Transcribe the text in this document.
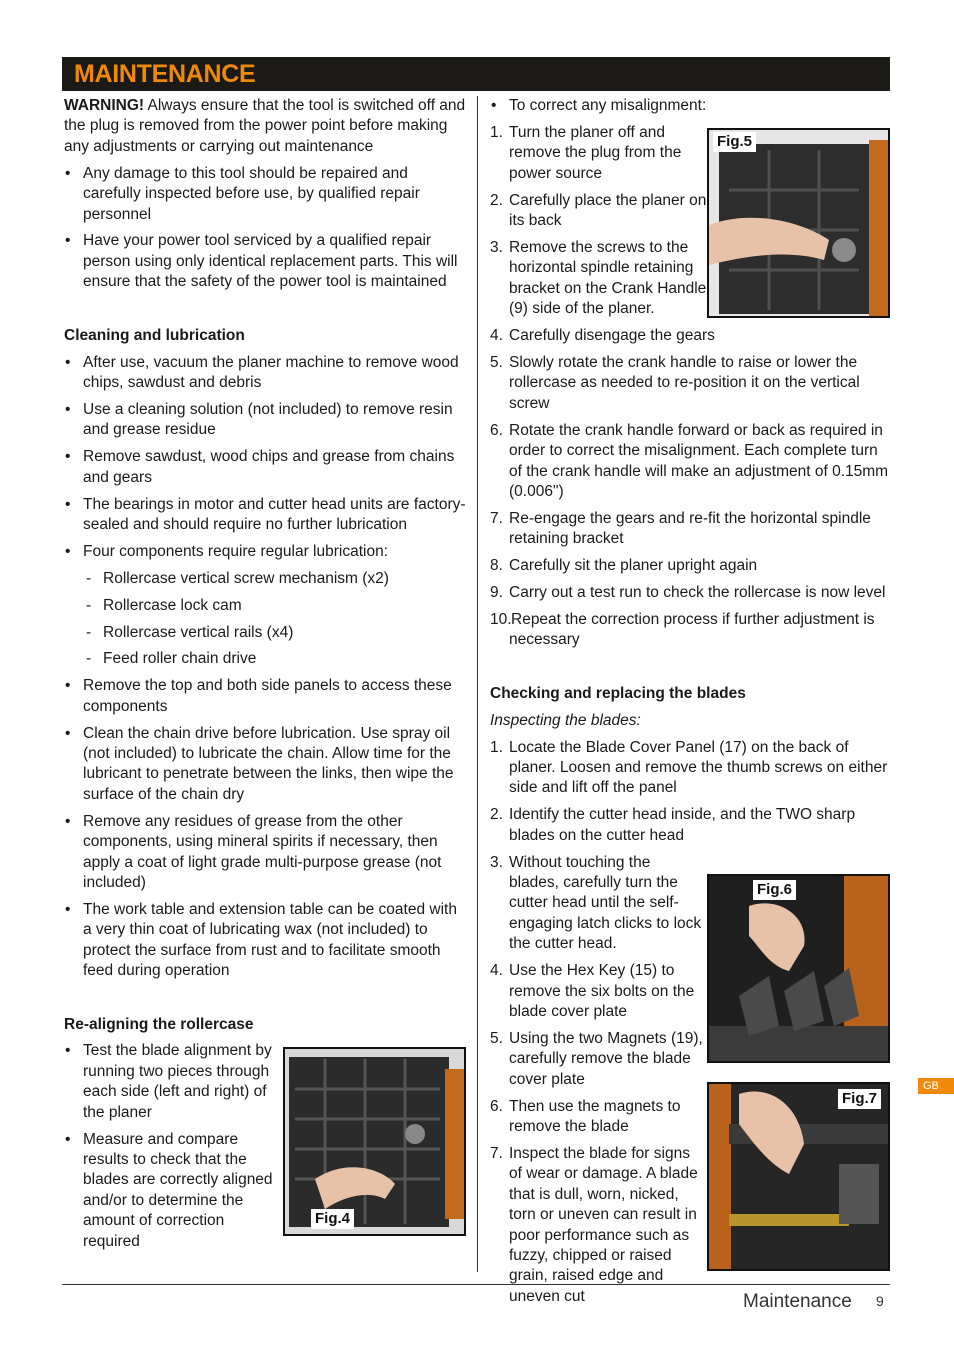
MAINTENANCE

WARNING! Always ensure that the tool is switched off and the plug is removed from the power point before making any adjustments or carrying out maintenance

• Any damage to this tool should be repaired and carefully inspected before use, by qualified repair personnel
• Have your power tool serviced by a qualified repair person using only identical replacement parts. This will ensure that the safety of the power tool is maintained

Cleaning and lubrication

• After use, vacuum the planer machine to remove wood chips, sawdust and debris
• Use a cleaning solution (not included) to remove resin and grease residue
• Remove sawdust, wood chips and grease from chains and gears
• The bearings in motor and cutter head units are factory-sealed and should require no further lubrication
• Four components require regular lubrication:
- Rollercase vertical screw mechanism (x2)
- Rollercase lock cam
- Rollercase vertical rails (x4)
- Feed roller chain drive
• Remove the top and both side panels to access these components
• Clean the chain drive before lubrication. Use spray oil (not included) to lubricate the chain. Allow time for the lubricant to penetrate between the links, then wipe the surface of the chain dry
• Remove any residues of grease from the other components, using mineral spirits if necessary, then apply a coat of light grade multi-purpose grease (not included)
• The work table and extension table can be coated with a very thin coat of lubricating wax (not included) to protect the surface from rust and to facilitate smooth feed during operation

Re-aligning the rollercase

• Test the blade alignment by running two pieces through each side (left and right) of the planer
• Measure and compare results to check that the blades are correctly aligned and/or to determine the amount of correction required
Fig.4
• To correct any misalignment:
1. Turn the planer off and remove the plug from the power source
2. Carefully place the planer on its back
3. Remove the screws to the horizontal spindle retaining bracket on the Crank Handle (9) side of the planer.
4. Carefully disengage the gears
5. Slowly rotate the crank handle to raise or lower the rollercase as needed to re-position it on the vertical screw
6. Rotate the crank handle forward or back as required in order to correct the misalignment. Each complete turn of the crank handle will make an adjustment of 0.15mm (0.006")
7. Re-engage the gears and re-fit the horizontal spindle retaining bracket
8. Carefully sit the planer upright again
9. Carry out a test run to check the rollercase is now level
10. Repeat the correction process if further adjustment is necessary

Checking and replacing the blades

Inspecting the blades:

1. Locate the Blade Cover Panel (17) on the back of planer. Loosen and remove the thumb screws on either side and lift off the panel
2. Identify the cutter head inside, and the TWO sharp blades on the cutter head
3. Without touching the blades, carefully turn the cutter head until the self-engaging latch clicks to lock the cutter head.
4. Use the Hex Key (15) to remove the six bolts on the blade cover plate
5. Using the two Magnets (19), carefully remove the blade cover plate
6. Then use the magnets to remove the blade
7. Inspect the blade for signs of wear or damage. A blade that is dull, worn, nicked, torn or uneven can result in poor performance such as fuzzy, chipped or raised grain, raised edge and uneven cut
Fig.5
Fig.6
Fig.7
GB
Maintenance 9
